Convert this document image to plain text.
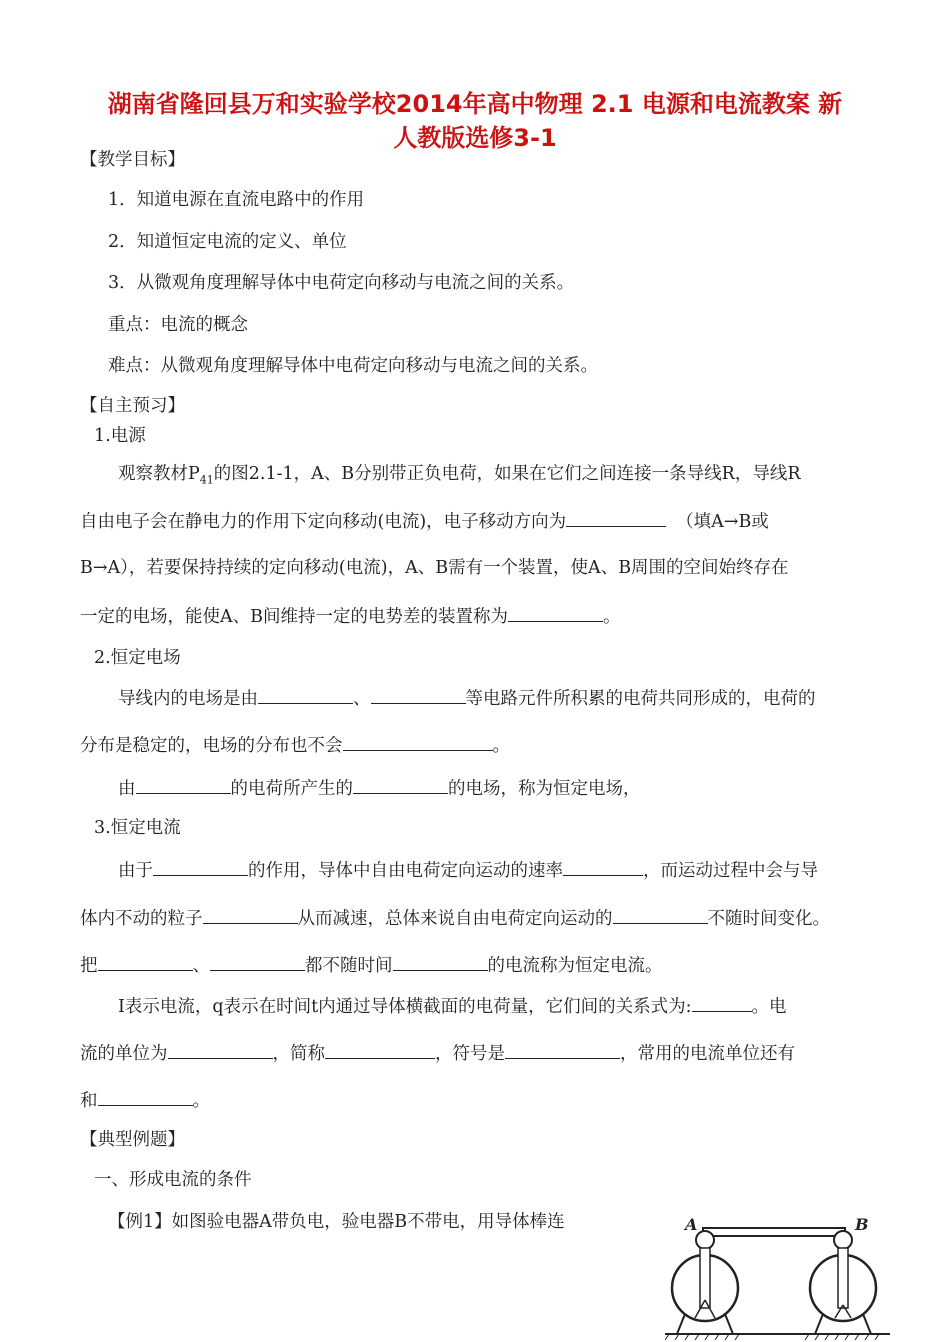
湖南省隆回县万和实验学校2014年高中物理 2.1 电源和电流教案 新
人教版选修3-1
【教学目标】
1．知道电源在直流电路中的作用
2．知道恒定电流的定义、单位
3．从微观角度理解导体中电荷定向移动与电流之间的关系。
重点：电流的概念
难点：从微观角度理解导体中电荷定向移动与电流之间的关系。
【自主预习】
1.电源
观察教材$P_{41}$的图2.1-1，A、B分别带正负电荷，如果在它们之间连接一条导线R，导线R
自由电子会在静电力的作用下定向移动(电流)，电子移动方向为	（填A→B或
B→A），若要保持持续的定向移动(电流)，A、B需有一个装置，使A、B周围的空间始终存在
一定的电场，能使A、B间维持一定的电势差的装置称为	。
2.恒定电场
导线内的电场是由	、	等电路元件所积累的电荷共同形成的，电荷的
分布是稳定的，电场的分布也不会	。
由	的电荷所产生的	的电场，称为恒定电场，
3.恒定电流
由于	的作用，导体中自由电荷定向运动的速率	，而运动过程中会与导
体内不动的粒子	从而减速，总体来说自由电荷定向运动的	不随时间变化。
把	、	都不随时间	的电流称为恒定电流。
I表示电流，q表示在时间t内通过导体横截面的电荷量，它们间的关系式为:	。电
流的单位为	，简称	，符号是	，常用的电流单位还有
和	。
【典型例题】
一、形成电流的条件
【例1】如图验电器A带负电，验电器B不带电，用导体棒连	A	B
